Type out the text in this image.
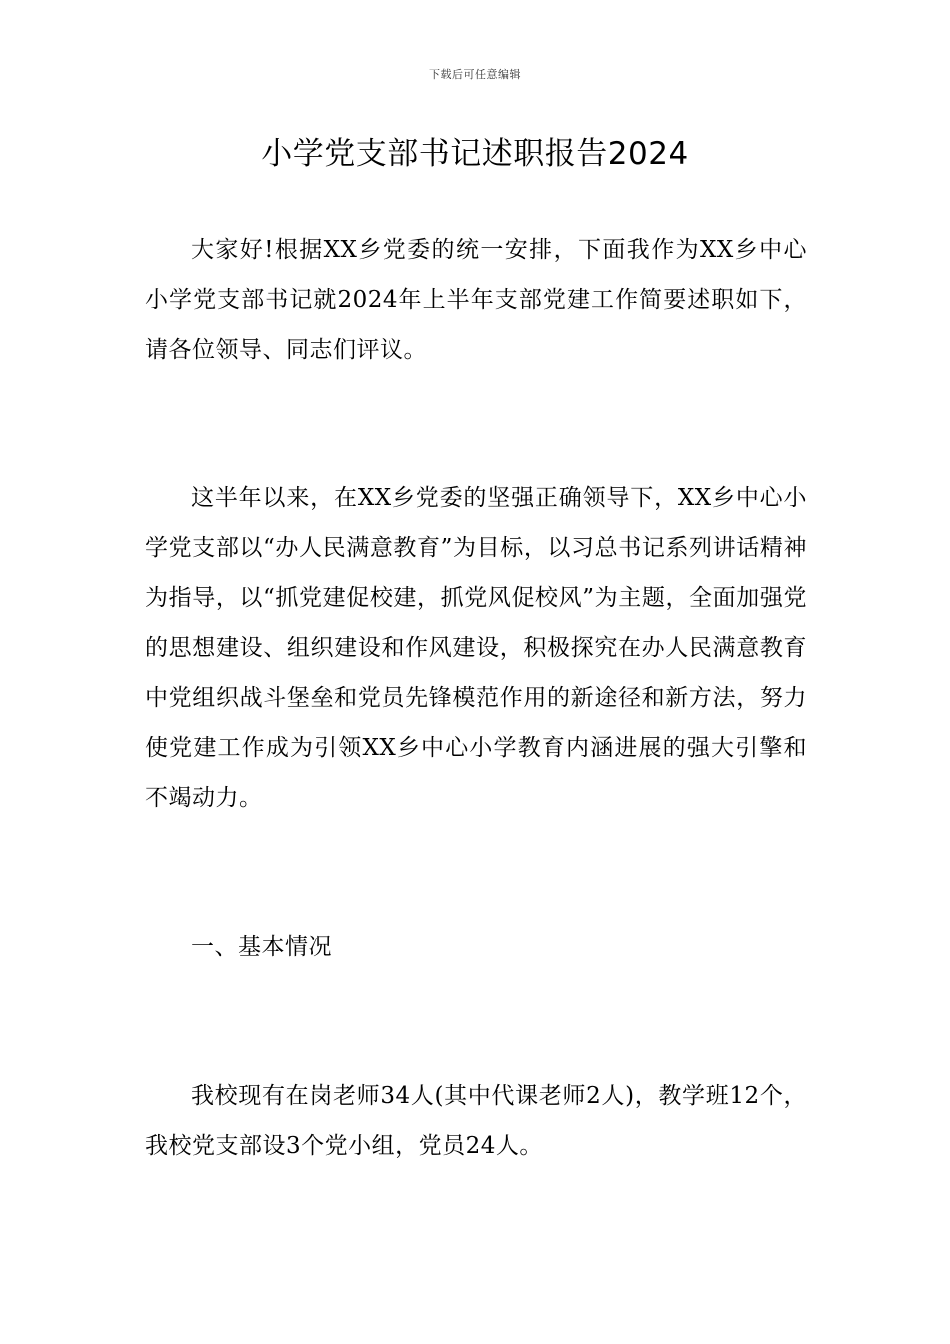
下载后可任意编辑
小学党支部书记述职报告2024

大家好!根据XX乡党委的统一安排，下面我作为XX乡中心小学党支部书记就2024年上半年支部党建工作简要述职如下，请各位领导、同志们评议。

这半年以来，在XX乡党委的坚强正确领导下，XX乡中心小学党支部以“办人民满意教育”为目标，以习总书记系列讲话精神为指导，以“抓党建促校建，抓党风促校风”为主题，全面加强党的思想建设、组织建设和作风建设，积极探究在办人民满意教育中党组织战斗堡垒和党员先锋模范作用的新途径和新方法，努力使党建工作成为引领XX乡中心小学教育内涵进展的强大引擎和不竭动力。

一、基本情况

我校现有在岗老师34人(其中代课老师2人)，教学班12个，我校党支部设3个党小组，党员24人。
